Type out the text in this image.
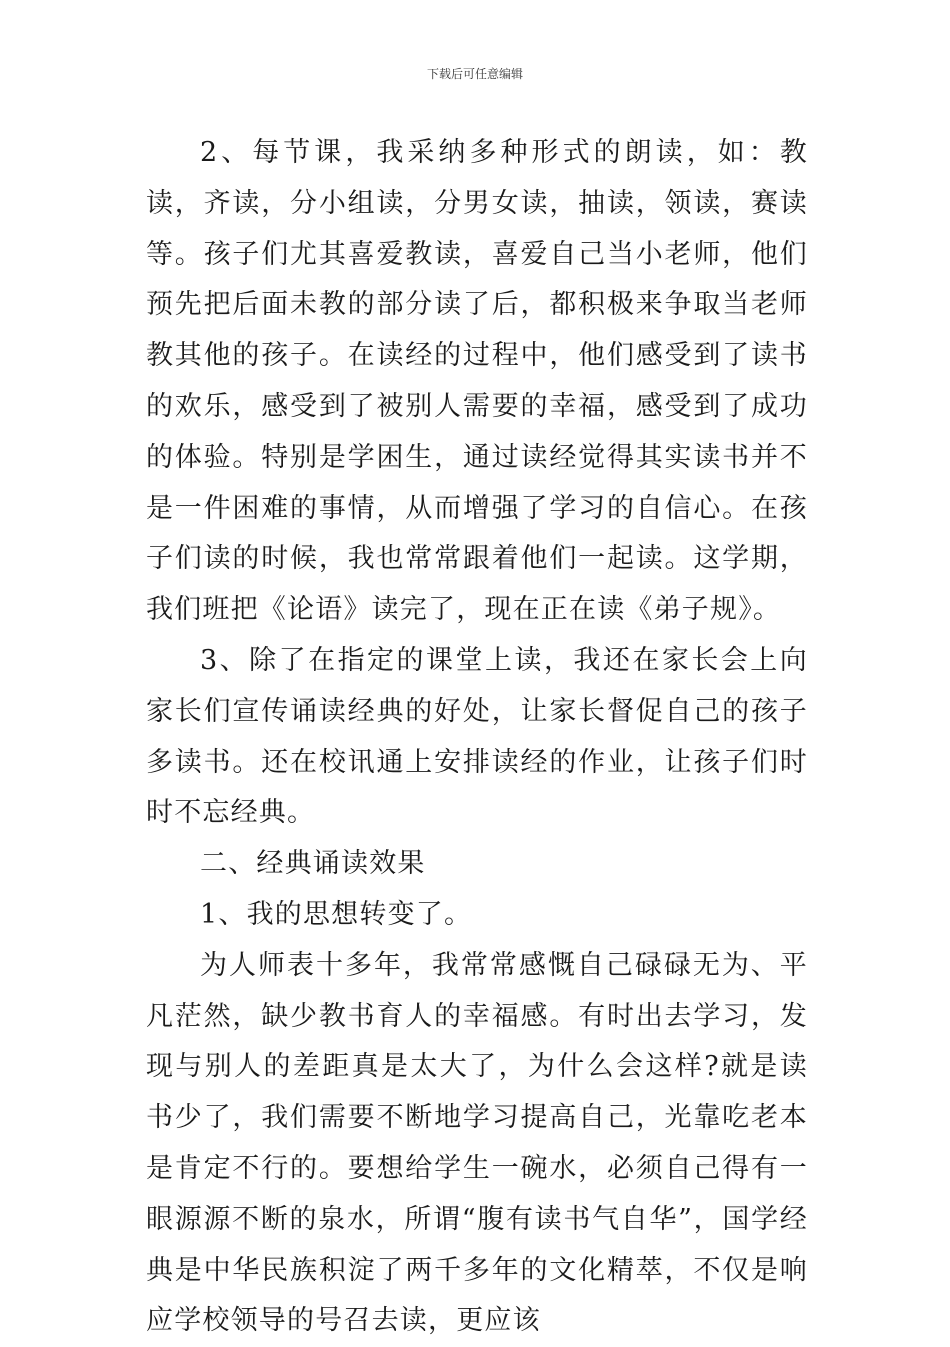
下载后可任意编辑

2、每节课，我采纳多种形式的朗读，如：教读，齐读，分小组读，分男女读，抽读，领读，赛读等。孩子们尤其喜爱教读，喜爱自己当小老师，他们预先把后面未教的部分读了后，都积极来争取当老师教其他的孩子。在读经的过程中，他们感受到了读书的欢乐，感受到了被别人需要的幸福，感受到了成功的体验。特别是学困生，通过读经觉得其实读书并不是一件困难的事情，从而增强了学习的自信心。在孩子们读的时候，我也常常跟着他们一起读。这学期，我们班把《论语》读完了，现在正在读《弟子规》。

3、除了在指定的课堂上读，我还在家长会上向家长们宣传诵读经典的好处，让家长督促自己的孩子多读书。还在校讯通上安排读经的作业，让孩子们时时不忘经典。

二、经典诵读效果

1、我的思想转变了。

为人师表十多年，我常常感慨自己碌碌无为、平凡茫然，缺少教书育人的幸福感。有时出去学习，发现与别人的差距真是太大了，为什么会这样?就是读书少了，我们需要不断地学习提高自己，光靠吃老本是肯定不行的。要想给学生一碗水，必须自己得有一眼源源不断的泉水，所谓“腹有读书气自华”，国学经典是中华民族积淀了两千多年的文化精萃，不仅是响应学校领导的号召去读，更应该
